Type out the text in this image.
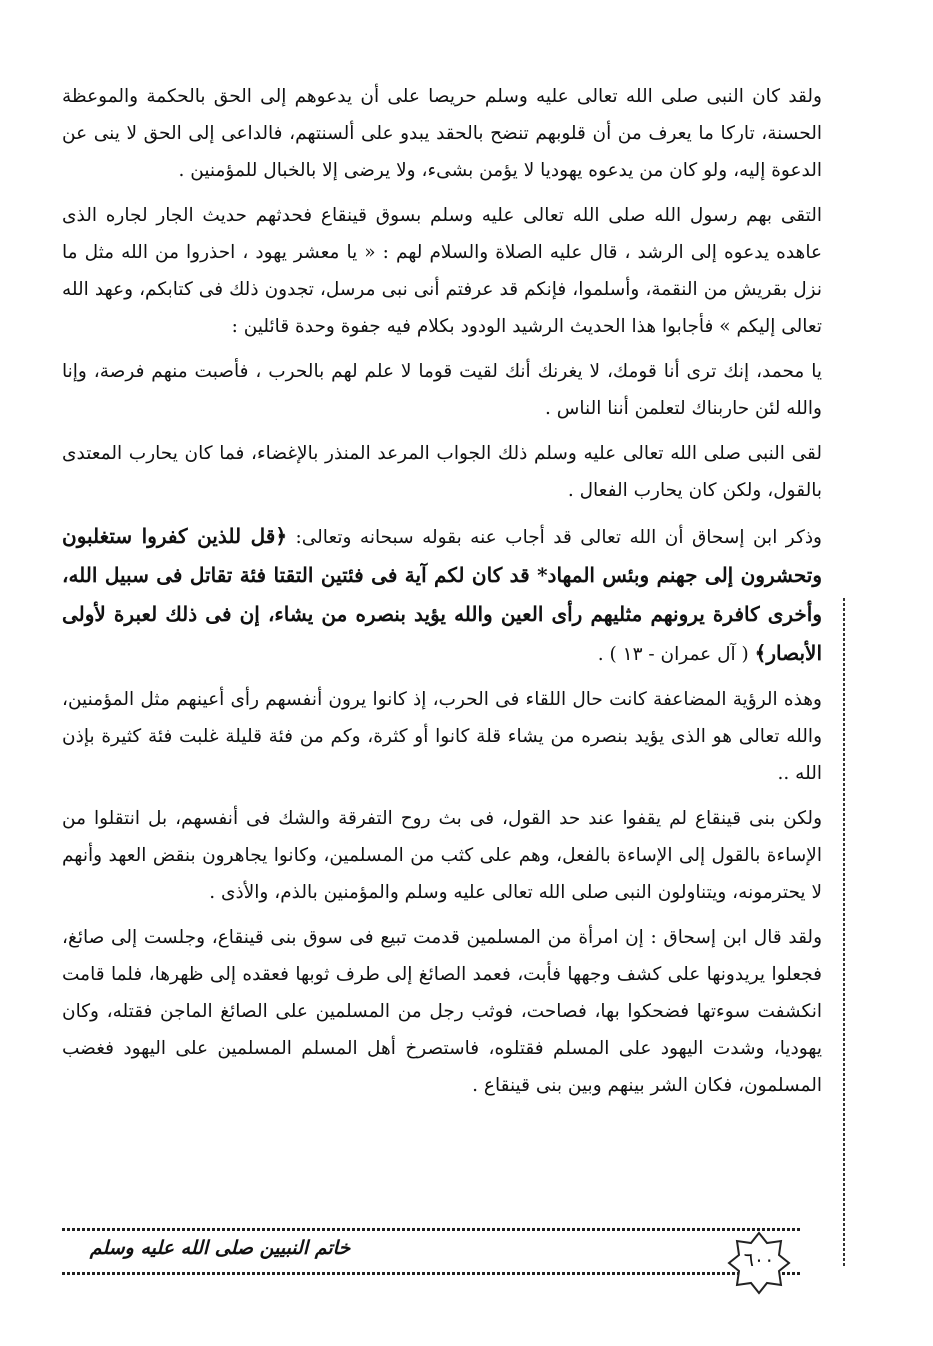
ولقد كان النبى صلى الله تعالى عليه وسلم حريصا على أن يدعوهم إلى الحق بالحكمة والموعظة الحسنة، تاركا ما يعرف من أن قلوبهم تنضح بالحقد يبدو على ألسنتهم، فالداعى إلى الحق لا ينى عن الدعوة إليه، ولو كان من يدعوه يهوديا لا يؤمن بشىء، ولا يرضى إلا بالخبال للمؤمنين .

التقى بهم رسول الله صلى الله تعالى عليه وسلم بسوق قينقاع فحدثهم حديث الجار لجاره الذى عاهده يدعوه إلى الرشد ، قال عليه الصلاة والسلام لهم : « يا معشر يهود ، احذروا من الله مثل ما نزل بقريش من النقمة، وأسلموا، فإنكم قد عرفتم أنى نبى مرسل، تجدون ذلك فى كتابكم، وعهد الله تعالى إليكم » فأجابوا هذا الحديث الرشيد الودود بكلام فيه جفوة وحدة قائلين :

يا محمد، إنك ترى أنا قومك، لا يغرنك أنك لقيت قوما لا علم لهم بالحرب ، فأصبت منهم فرصة، وإنا والله لئن حاربناك لتعلمن أننا الناس .

لقى النبى صلى الله تعالى عليه وسلم ذلك الجواب المرعد المنذر بالإغضاء، فما كان يحارب المعتدى بالقول، ولكن كان يحارب الفعال .

وذكر ابن إسحاق أن الله تعالى قد أجاب عنه بقوله سبحانه وتعالى: ﴿قل للذين كفروا ستغلبون وتحشرون إلى جهنم وبئس المهاد* قد كان لكم آية فى فئتين التقتا فئة تقاتل فى سبيل الله، وأخرى كافرة يرونهم مثليهم رأى العين والله يؤيد بنصره من يشاء، إن فى ذلك لعبرة لأولى الأبصار﴾ ( آل عمران - ١٣ ) .

وهذه الرؤية المضاعفة كانت حال اللقاء فى الحرب، إذ كانوا يرون أنفسهم رأى أعينهم مثل المؤمنين، والله تعالى هو الذى يؤيد بنصره من يشاء قلة كانوا أو كثرة، وكم من فئة قليلة غلبت فئة كثيرة بإذن الله ..

ولكن بنى قينقاع لم يقفوا عند حد القول، فى بث روح التفرقة والشك فى أنفسهم، بل انتقلوا من الإساءة بالقول إلى الإساءة بالفعل، وهم على كثب من المسلمين، وكانوا يجاهرون بنقض العهد وأنهم لا يحترمونه، ويتناولون النبى صلى الله تعالى عليه وسلم والمؤمنين بالذم، والأذى .

ولقد قال ابن إسحاق : إن امرأة من المسلمين قدمت تبيع فى سوق بنى قينقاع، وجلست إلى صائغ، فجعلوا يريدونها على كشف وجهها فأبت، فعمد الصائغ إلى طرف ثوبها فعقده إلى ظهرها، فلما قامت انكشفت سوءتها فضحكوا بها، فصاحت، فوثب رجل من المسلمين على الصائغ الماجن فقتله، وكان يهوديا، وشدت اليهود على المسلم فقتلوه، فاستصرخ أهل المسلم المسلمين على اليهود فغضب المسلمون، فكان الشر بينهم وبين بنى قينقاع .

خاتم النبيين صلى الله عليه وسلم
٦٠٠
